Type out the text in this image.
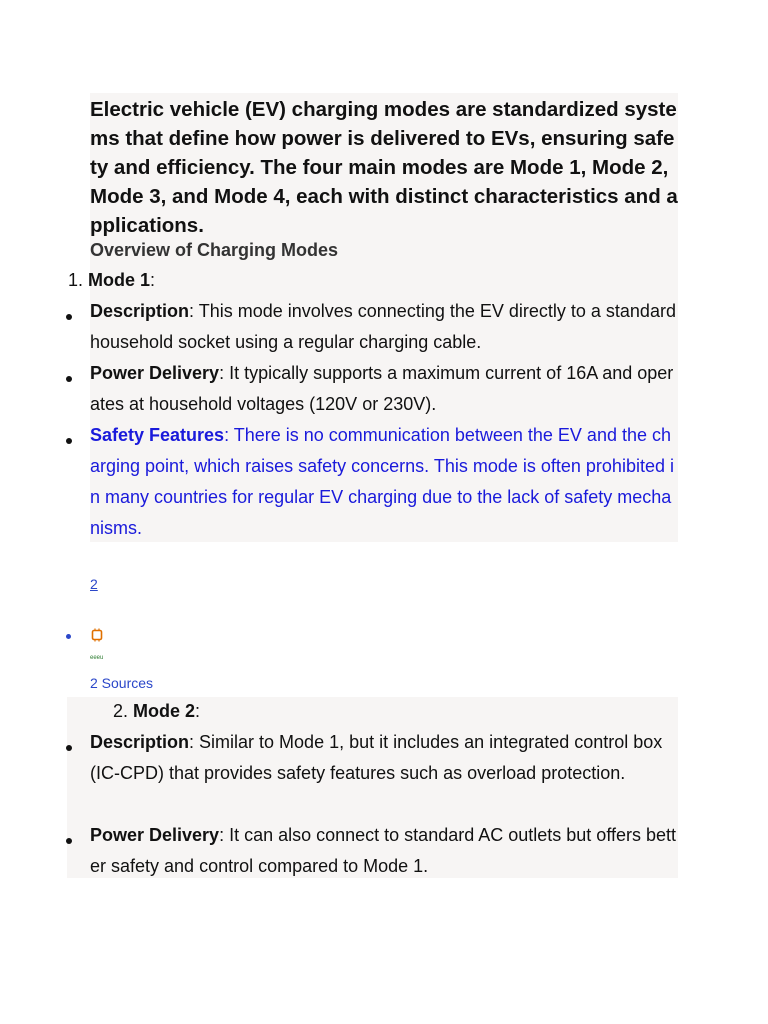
Electric vehicle (EV) charging modes are standardized systems that define how power is delivered to EVs, ensuring safety and efficiency. The four main modes are Mode 1, Mode 2, Mode 3, and Mode 4, each with distinct characteristics and applications.

Overview of Charging Modes

1. Mode 1:
Description: This mode involves connecting the EV directly to a standard household socket using a regular charging cable.
Power Delivery: It typically supports a maximum current of 16A and operates at household voltages (120V or 230V).
Safety Features: There is no communication between the EV and the charging point, which raises safety concerns. This mode is often prohibited in many countries for regular EV charging due to the lack of safety mechanisms.
2
eeeu
2 Sources
2. Mode 2:
Description: Similar to Mode 1, but it includes an integrated control box (IC-CPD) that provides safety features such as overload protection.
Power Delivery: It can also connect to standard AC outlets but offers better safety and control compared to Mode 1.
